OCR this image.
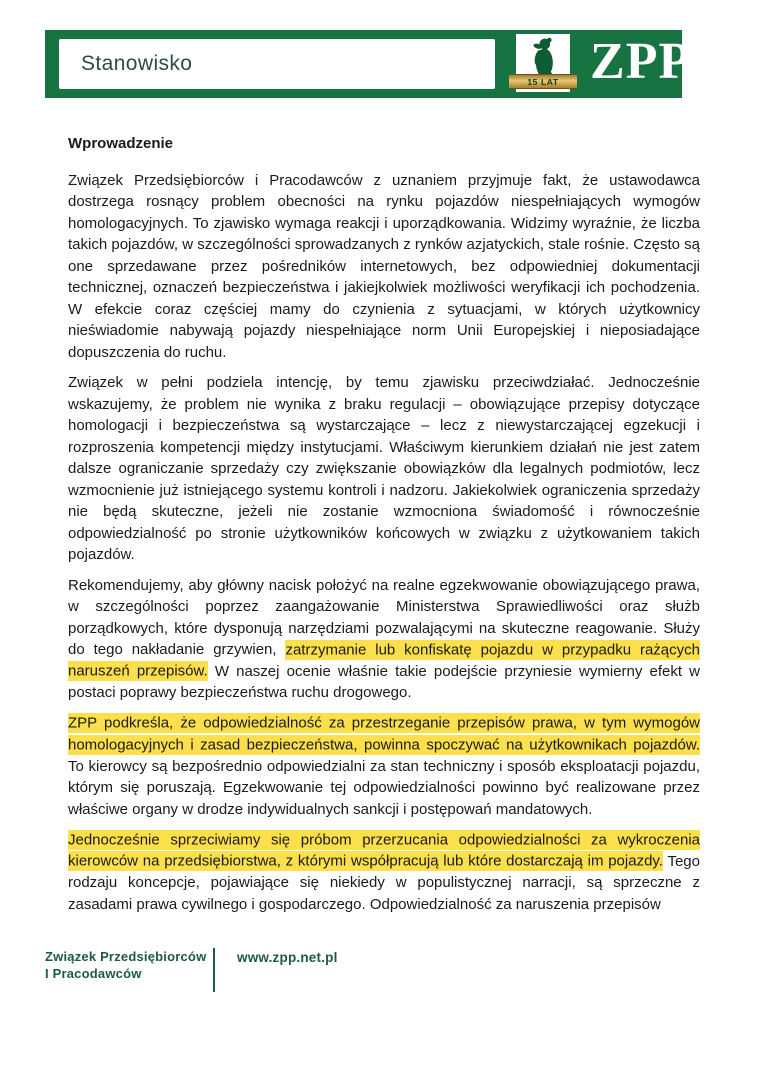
Stanowisko
15 LAT ZPP
Wprowadzenie

Związek Przedsiębiorców i Pracodawców z uznaniem przyjmuje fakt, że ustawodawca dostrzega rosnący problem obecności na rynku pojazdów niespełniających wymogów homologacyjnych. To zjawisko wymaga reakcji i uporządkowania. Widzimy wyraźnie, że liczba takich pojazdów, w szczególności sprowadzanych z rynków azjatyckich, stale rośnie. Często są one sprzedawane przez pośredników internetowych, bez odpowiedniej dokumentacji technicznej, oznaczeń bezpieczeństwa i jakiejkolwiek możliwości weryfikacji ich pochodzenia. W efekcie coraz częściej mamy do czynienia z sytuacjami, w których użytkownicy nieświadomie nabywają pojazdy niespełniające norm Unii Europejskiej i nieposiadające dopuszczenia do ruchu.

Związek w pełni podziela intencję, by temu zjawisku przeciwdziałać. Jednocześnie wskazujemy, że problem nie wynika z braku regulacji – obowiązujące przepisy dotyczące homologacji i bezpieczeństwa są wystarczające – lecz z niewystarczającej egzekucji i rozproszenia kompetencji między instytucjami. Właściwym kierunkiem działań nie jest zatem dalsze ograniczanie sprzedaży czy zwiększanie obowiązków dla legalnych podmiotów, lecz wzmocnienie już istniejącego systemu kontroli i nadzoru. Jakiekolwiek ograniczenia sprzedaży nie będą skuteczne, jeżeli nie zostanie wzmocniona świadomość i równocześnie odpowiedzialność po stronie użytkowników końcowych w związku z użytkowaniem takich pojazdów.

Rekomendujemy, aby główny nacisk położyć na realne egzekwowanie obowiązującego prawa, w szczególności poprzez zaangażowanie Ministerstwa Sprawiedliwości oraz służb porządkowych, które dysponują narzędziami pozwalającymi na skuteczne reagowanie. Służy do tego nakładanie grzywien, zatrzymanie lub konfiskatę pojazdu w przypadku rażących naruszeń przepisów. W naszej ocenie właśnie takie podejście przyniesie wymierny efekt w postaci poprawy bezpieczeństwa ruchu drogowego.

ZPP podkreśla, że odpowiedzialność za przestrzeganie przepisów prawa, w tym wymogów homologacyjnych i zasad bezpieczeństwa, powinna spoczywać na użytkownikach pojazdów. To kierowcy są bezpośrednio odpowiedzialni za stan techniczny i sposób eksploatacji pojazdu, którym się poruszają. Egzekwowanie tej odpowiedzialności powinno być realizowane przez właściwe organy w drodze indywidualnych sankcji i postępowań mandatowych.

Jednocześnie sprzeciwiamy się próbom przerzucania odpowiedzialności za wykroczenia kierowców na przedsiębiorstwa, z którymi współpracują lub które dostarczają im pojazdy. Tego rodzaju koncepcje, pojawiające się niekiedy w populistycznej narracji, są sprzeczne z zasadami prawa cywilnego i gospodarczego. Odpowiedzialność za naruszenia przepisów

Związek Przedsiębiorców
I Pracodawców
www.zpp.net.pl
